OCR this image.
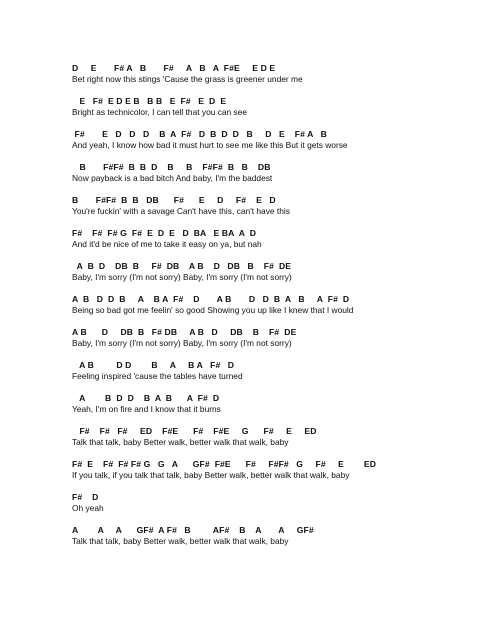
D     E       F# A   B       F#     A   B   A  F#E     E D E
Bet right now this stings 'Cause the grass is greener under me
E   F#  E D E B   B B   E  F#   E  D  E
Bright as technicolor, I can tell that you can see
F#       E   D   D   D    B  A  F#   D  B  D  D   B     D   E    F# A   B
And yeah, I know how bad it must hurt to see me like this But it gets worse
B       F#F#  B  B  D    B     B    F#F#  B   B    DB
Now payback is a bad bitch And baby, I'm the baddest
B       F#F#  B  B   DB      F#      E     D     F#    E   D
You're fuckin' with a savage Can't have this, can't have this
F#    F#  F# G  F#  E  D  E   D  BA   E BA  A  D
And it'd be nice of me to take it easy on ya, but nah
A  B  D    DB  B     F#  DB    A B    D   DB   B    F#  DE
Baby, I'm sorry (I'm not sorry) Baby, I'm sorry (I'm not sorry)
A  B   D  D  B     A    B A  F#    D       A B       D   D  B  A   B     A  F#  D
Being so bad got me feelin' so good Showing you up like I knew that I would
A B      D     DB  B   F# DB     A B   D     DB    B    F#  DE
Baby, I'm sorry (I'm not sorry) Baby, I'm sorry (I'm not sorry)
A B         D D        B     A     B A   F#   D
Feeling inspired 'cause the tables have turned
A        B  D  D    B  A  B      A  F#  D
Yeah, I'm on fire and I know that it burns
F#    F#   F#     ED    F#E      F#    F#E     G      F#     E     ED
Talk that talk, baby Better walk, better walk that walk, baby
F#  E    F#  F# F# G   G   A      GF#  F#E      F#     F#F#   G     F#     E        ED
If you talk, if you talk that talk, baby Better walk, better walk that walk, baby
F#    D
Oh yeah
A        A     A      GF#  A F#   B         AF#    B    A       A     GF#
Talk that talk, baby Better walk, better walk that walk, baby
